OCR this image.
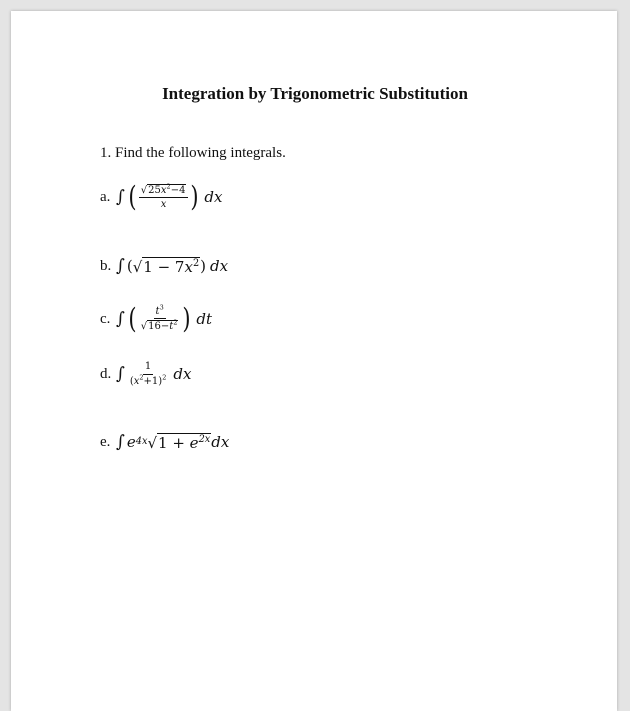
Integration by Trigonometric Substitution
1. Find the following integrals.
a. ∫ ( $\frac{√ 25x^2-4}{x}$ ) dx
b. ∫ ( √ $1 - 7x^2$ ) dx
c. ∫ ( $\frac{t^3}{√ 16-t^2}$ ) dt
d. ∫ $\frac{1}{(x^2+1)^2}$ dx
e. ∫ e 4x √ $1 + e^{2x}$ dx
